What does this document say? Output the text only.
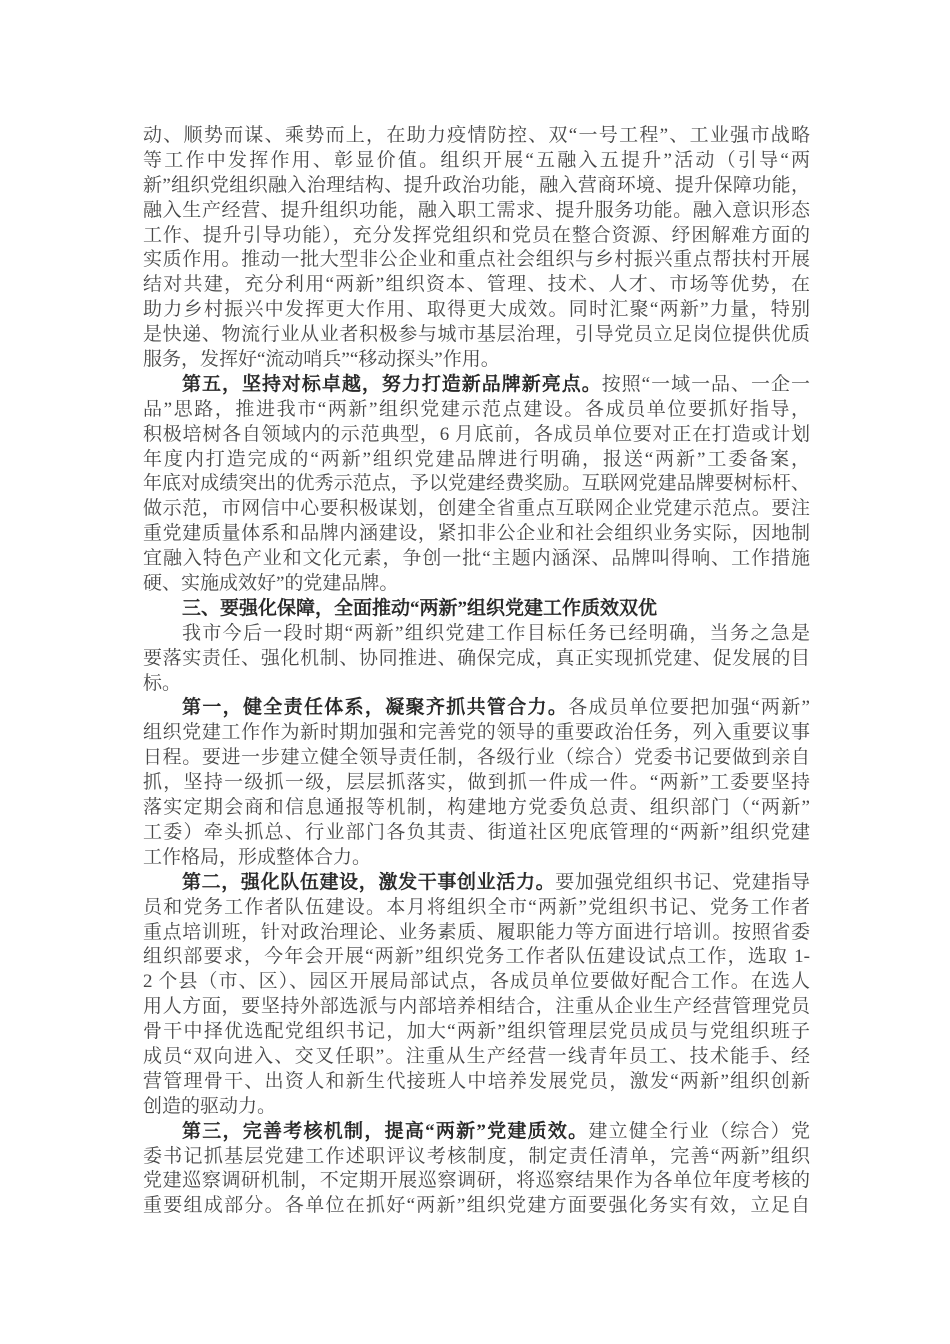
动、顺势而谋、乘势而上，在助力疫情防控、双“一号工程”、工业强市战略
等工作中发挥作用、彰显价值。组织开展“五融入五提升”活动（引导“两
新”组织党组织融入治理结构、提升政治功能，融入营商环境、提升保障功能，
融入生产经营、提升组织功能，融入职工需求、提升服务功能。融入意识形态
工作、提升引导功能），充分发挥党组织和党员在整合资源、纾困解难方面的
实质作用。推动一批大型非公企业和重点社会组织与乡村振兴重点帮扶村开展
结对共建，充分利用“两新”组织资本、管理、技术、人才、市场等优势，在
助力乡村振兴中发挥更大作用、取得更大成效。同时汇聚“两新”力量，特别
是快递、物流行业从业者积极参与城市基层治理，引导党员立足岗位提供优质
服务，发挥好“流动哨兵”“移动探头”作用。
第五，坚持对标卓越，努力打造新品牌新亮点。按照“一域一品、一企一
品”思路，推进我市“两新”组织党建示范点建设。各成员单位要抓好指导，
积极培树各自领域内的示范典型，6 月底前，各成员单位要对正在打造或计划
年度内打造完成的“两新”组织党建品牌进行明确，报送“两新”工委备案，
年底对成绩突出的优秀示范点，予以党建经费奖励。互联网党建品牌要树标杆、
做示范，市网信中心要积极谋划，创建全省重点互联网企业党建示范点。要注
重党建质量体系和品牌内涵建设，紧扣非公企业和社会组织业务实际，因地制
宜融入特色产业和文化元素，争创一批“主题内涵深、品牌叫得响、工作措施
硬、实施成效好”的党建品牌。
三、要强化保障，全面推动“两新”组织党建工作质效双优
我市今后一段时期“两新”组织党建工作目标任务已经明确，当务之急是
要落实责任、强化机制、协同推进、确保完成，真正实现抓党建、促发展的目
标。
第一，健全责任体系，凝聚齐抓共管合力。各成员单位要把加强“两新”
组织党建工作作为新时期加强和完善党的领导的重要政治任务，列入重要议事
日程。要进一步建立健全领导责任制，各级行业（综合）党委书记要做到亲自
抓，坚持一级抓一级，层层抓落实，做到抓一件成一件。“两新”工委要坚持
落实定期会商和信息通报等机制，构建地方党委负总责、组织部门（“两新”
工委）牵头抓总、行业部门各负其责、街道社区兜底管理的“两新”组织党建
工作格局，形成整体合力。
第二，强化队伍建设，激发干事创业活力。要加强党组织书记、党建指导
员和党务工作者队伍建设。本月将组织全市“两新”党组织书记、党务工作者
重点培训班，针对政治理论、业务素质、履职能力等方面进行培训。按照省委
组织部要求，今年会开展“两新”组织党务工作者队伍建设试点工作，选取 1-
2 个县（市、区）、园区开展局部试点，各成员单位要做好配合工作。在选人
用人方面，要坚持外部选派与内部培养相结合，注重从企业生产经营管理党员
骨干中择优选配党组织书记，加大“两新”组织管理层党员成员与党组织班子
成员“双向进入、交叉任职”。注重从生产经营一线青年员工、技术能手、经
营管理骨干、出资人和新生代接班人中培养发展党员，激发“两新”组织创新
创造的驱动力。
第三，完善考核机制，提高“两新”党建质效。建立健全行业（综合）党
委书记抓基层党建工作述职评议考核制度，制定责任清单，完善“两新”组织
党建巡察调研机制，不定期开展巡察调研，将巡察结果作为各单位年度考核的
重要组成部分。各单位在抓好“两新”组织党建方面要强化务实有效，立足自
